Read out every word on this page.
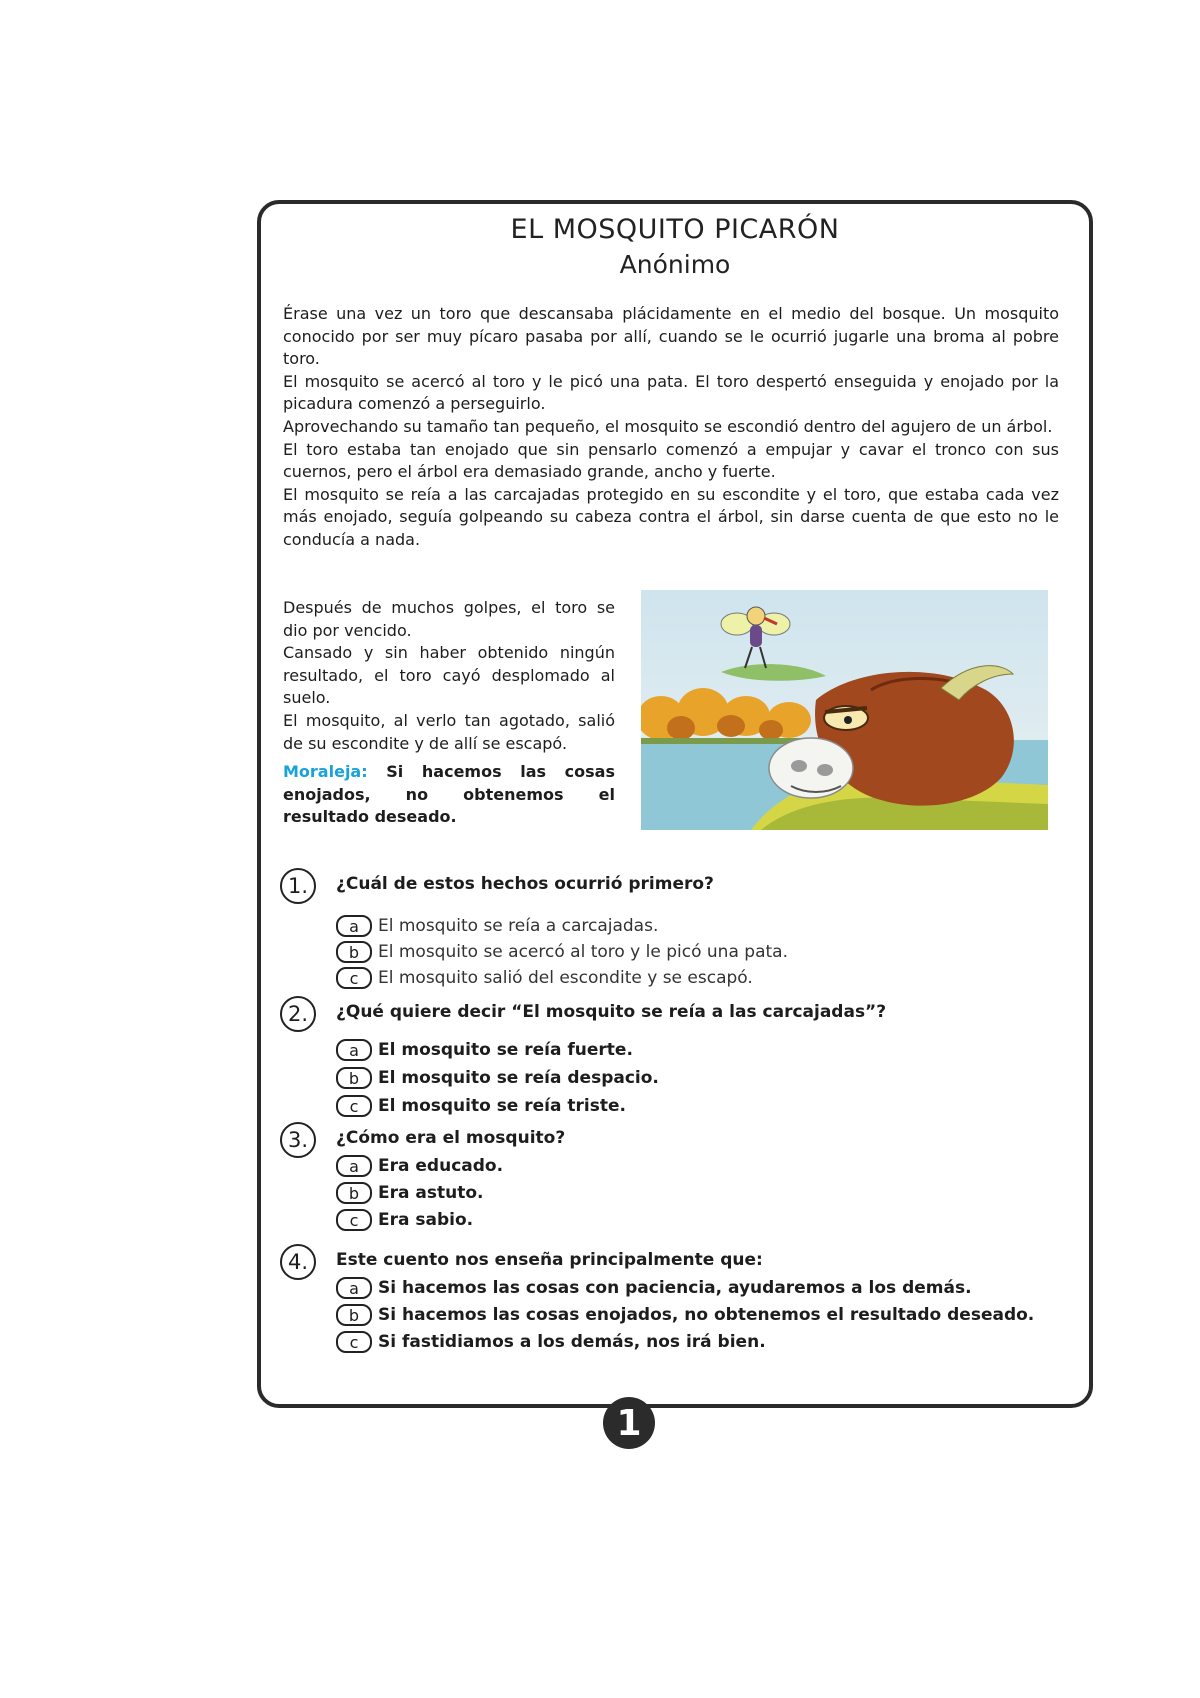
EL MOSQUITO PICARÓN
Anónimo

Érase una vez un toro que descansaba plácidamente en el medio del bosque. Un mosquito conocido por ser muy pícaro pasaba por allí, cuando se le ocurrió jugarle una broma al pobre toro.

El mosquito se acercó al toro y le picó una pata. El toro despertó enseguida y enojado por la picadura comenzó a perseguirlo.

Aprovechando su tamaño tan pequeño, el mosquito se escondió dentro del agujero de un árbol.

El toro estaba tan enojado que sin pensarlo comenzó a empujar y cavar el tronco con sus cuernos, pero el árbol era demasiado grande, ancho y fuerte.

El mosquito se reía a las carcajadas protegido en su escondite y el toro, que estaba cada vez más enojado, seguía golpeando su cabeza contra el árbol, sin darse cuenta de que esto no le conducía a nada.

Después de muchos golpes, el toro se dio por vencido.

Cansado y sin haber obtenido ningún resultado, el toro cayó desplomado al suelo.

El mosquito, al verlo tan agotado, salió de su escondite y de allí se escapó.

Moraleja: Si hacemos las cosas enojados, no obtenemos el resultado deseado.

1.	¿Cuál de estos hechos ocurrió primero?
a	El mosquito se reía a carcajadas.
b	El mosquito se acercó al toro y le picó una pata.
c	El mosquito salió del escondite y se escapó.
2.	¿Qué quiere decir “El mosquito se reía a las carcajadas”?
a	El mosquito se reía fuerte.
b	El mosquito se reía despacio.
c	El mosquito se reía triste.
3.	¿Cómo era el mosquito?
a	Era educado.
b	Era astuto.
c	Era sabio.
4.	Este cuento nos enseña principalmente que:
a	Si hacemos las cosas con paciencia, ayudaremos a los demás.
b	Si hacemos las cosas enojados, no obtenemos el resultado deseado.
c	Si fastidiamos a los demás, nos irá bien.
1
